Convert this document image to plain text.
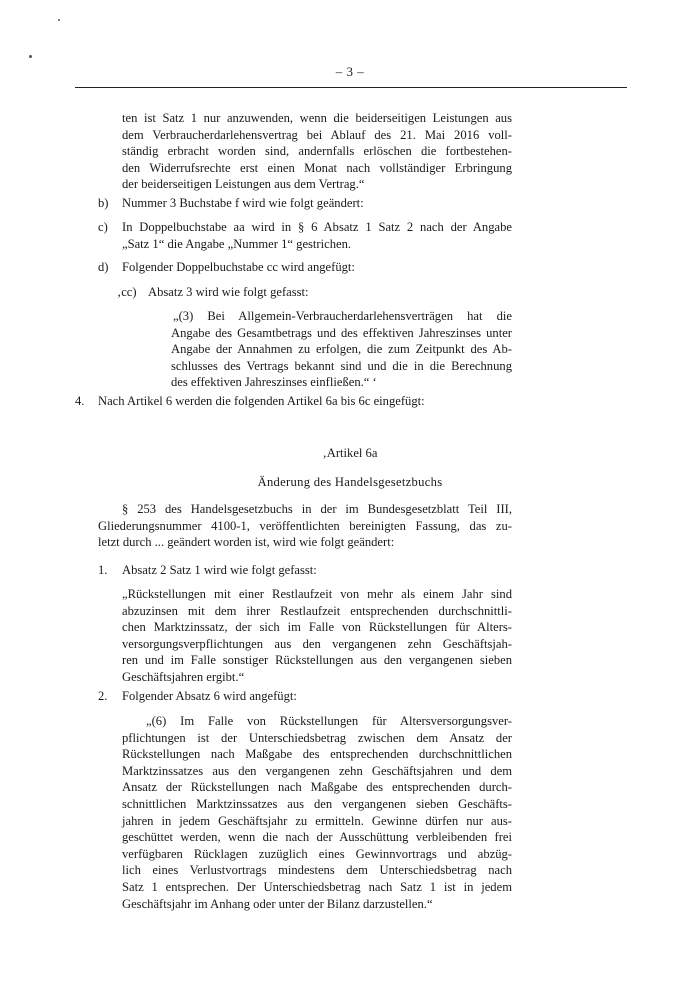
– 3 –
ten ist Satz 1 nur anzuwenden, wenn die beiderseitigen Leistungen aus
dem Verbraucherdarlehensvertrag bei Ablauf des 21. Mai 2016 voll-
ständig erbracht worden sind, andernfalls erlöschen die fortbestehen-
den Widerrufsrechte erst einen Monat nach vollständiger Erbringung
der beiderseitigen Leistungen aus dem Vertrag.“
b) Nummer 3 Buchstabe f wird wie folgt geändert:
c) In Doppelbuchstabe aa wird in § 6 Absatz 1 Satz 2 nach der Angabe
„Satz 1“ die Angabe „Nummer 1“ gestrichen.
d) Folgender Doppelbuchstabe cc wird angefügt:
‚cc) Absatz 3 wird wie folgt gefasst:
„(3) Bei Allgemein-Verbraucherdarlehensverträgen hat die
Angabe des Gesamtbetrags und des effektiven Jahreszinses unter
Angabe der Annahmen zu erfolgen, die zum Zeitpunkt des Ab-
schlusses des Vertrags bekannt sind und die in die Berechnung
des effektiven Jahreszinses einfließen.“ ‘
4. Nach Artikel 6 werden die folgenden Artikel 6a bis 6c eingefügt:
‚Artikel 6a
Änderung des Handelsgesetzbuchs
§ 253 des Handelsgesetzbuchs in der im Bundesgesetzblatt Teil III,
Gliederungsnummer 4100-1, veröffentlichten bereinigten Fassung, das zu-
letzt durch ... geändert worden ist, wird wie folgt geändert:
1. Absatz 2 Satz 1 wird wie folgt gefasst:
„Rückstellungen mit einer Restlaufzeit von mehr als einem Jahr sind
abzuzinsen mit dem ihrer Restlaufzeit entsprechenden durchschnittli-
chen Marktzinssatz, der sich im Falle von Rückstellungen für Alters-
versorgungsverpflichtungen aus den vergangenen zehn Geschäftsjah-
ren und im Falle sonstiger Rückstellungen aus den vergangenen sieben
Geschäftsjahren ergibt.“
2. Folgender Absatz 6 wird angefügt:
„(6) Im Falle von Rückstellungen für Altersversorgungsver-
pflichtungen ist der Unterschiedsbetrag zwischen dem Ansatz der
Rückstellungen nach Maßgabe des entsprechenden durchschnittlichen
Marktzinssatzes aus den vergangenen zehn Geschäftsjahren und dem
Ansatz der Rückstellungen nach Maßgabe des entsprechenden durch-
schnittlichen Marktzinssatzes aus den vergangenen sieben Geschäfts-
jahren in jedem Geschäftsjahr zu ermitteln. Gewinne dürfen nur aus-
geschüttet werden, wenn die nach der Ausschüttung verbleibenden frei
verfügbaren Rücklagen zuzüglich eines Gewinnvortrags und abzüg-
lich eines Verlustvortrags mindestens dem Unterschiedsbetrag nach
Satz 1 entsprechen. Der Unterschiedsbetrag nach Satz 1 ist in jedem
Geschäftsjahr im Anhang oder unter der Bilanz darzustellen.“
